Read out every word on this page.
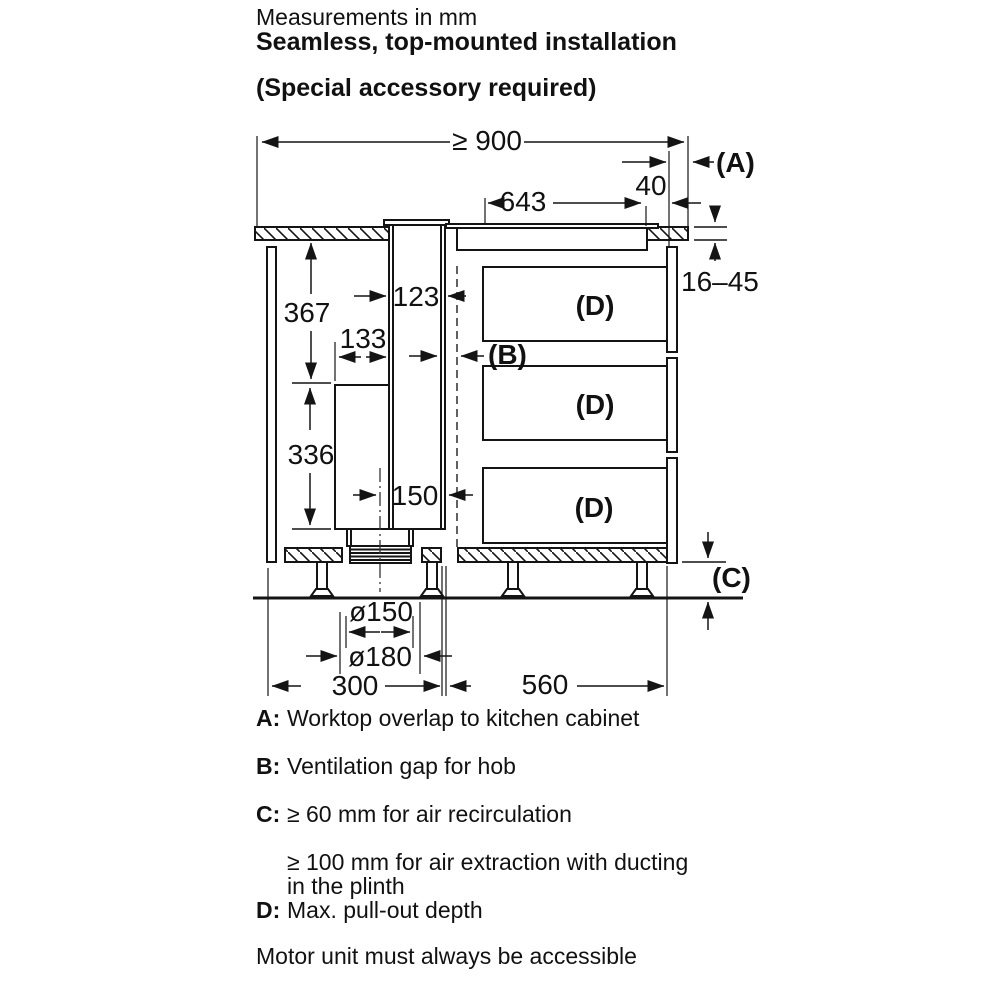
Measurements in mm
Seamless, top-mounted installation
(Special accessory required)
≥ 900
(A)
40
643
16–45
367
123
133
(B)
336
150
(D)
(D)
(D)
(C)
ø150
ø180
300	560
A: Worktop overlap to kitchen cabinet
B: Ventilation gap for hob
C: ≥ 60 mm for air recirculation
≥ 100 mm for air extraction with ducting
in the plinth
D: Max. pull-out depth
Motor unit must always be accessible
